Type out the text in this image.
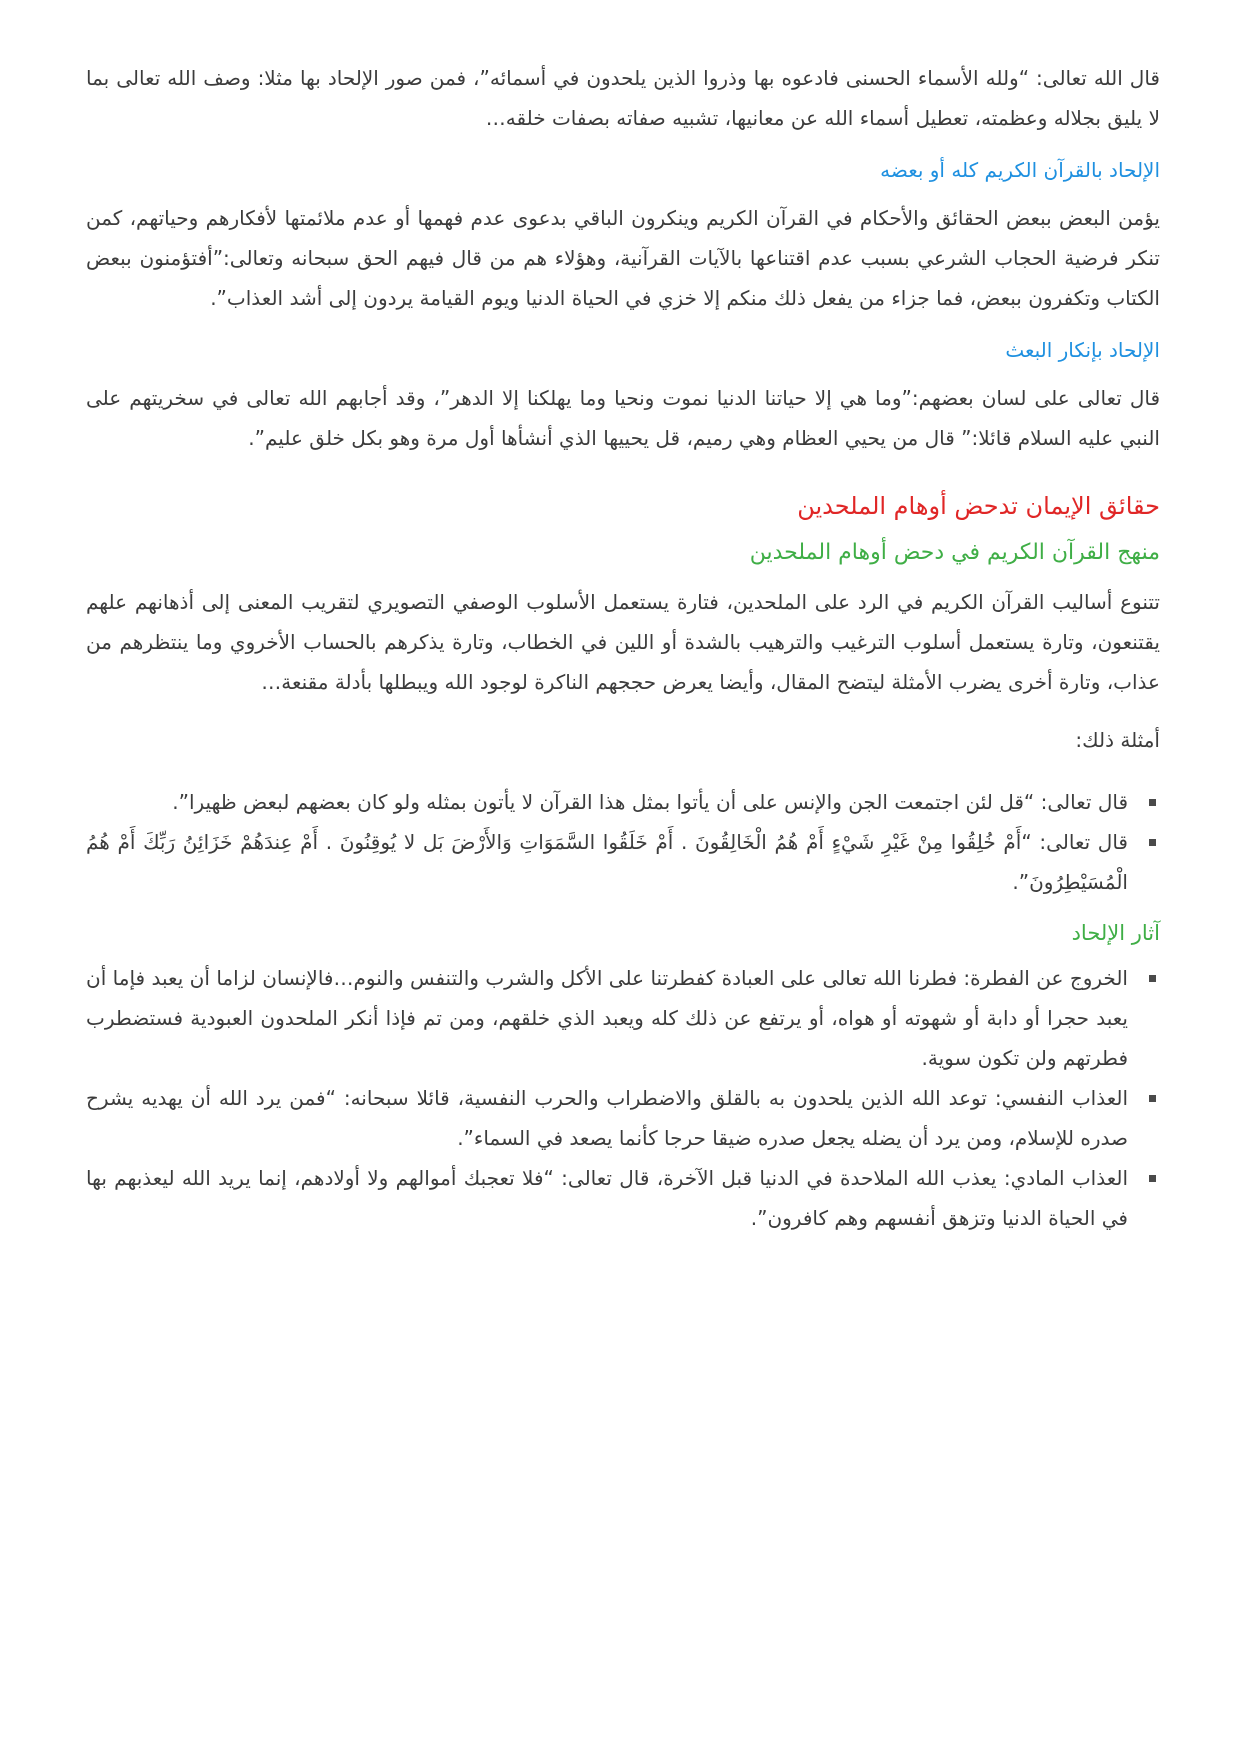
قال الله تعالى: “ولله الأسماء الحسنى فادعوه بها وذروا الذين يلحدون في أسمائه”، فمن صور الإلحاد بها مثلا: وصف الله تعالى بما لا يليق بجلاله وعظمته، تعطيل أسماء الله عن معانيها، تشبيه صفاته بصفات خلقه…

الإلحاد بالقرآن الكريم كله أو بعضه

يؤمن البعض ببعض الحقائق والأحكام في القرآن الكريم وينكرون الباقي بدعوى عدم فهمها أو عدم ملائمتها لأفكارهم وحياتهم، كمن تنكر فرضية الحجاب الشرعي بسبب عدم اقتناعها بالآيات القرآنية، وهؤلاء هم من قال فيهم الحق سبحانه وتعالى:”أفتؤمنون ببعض الكتاب وتكفرون ببعض، فما جزاء من يفعل ذلك منكم إلا خزي في الحياة الدنيا ويوم القيامة يردون إلى أشد العذاب”.

الإلحاد بإنكار البعث

قال تعالى على لسان بعضهم:”وما هي إلا حياتنا الدنيا نموت ونحيا وما يهلكنا إلا الدهر”، وقد أجابهم الله تعالى في سخريتهم على النبي عليه السلام قائلا:” قال من يحيي العظام وهي رميم، قل يحييها الذي أنشأها أول مرة وهو بكل خلق عليم”.

حقائق الإيمان تدحض أوهام الملحدين
منهج القرآن الكريم في دحض أوهام الملحدين

تتنوع أساليب القرآن الكريم في الرد على الملحدين، فتارة يستعمل الأسلوب الوصفي التصويري لتقريب المعنى إلى أذهانهم علهم يقتنعون، وتارة يستعمل أسلوب الترغيب والترهيب بالشدة أو اللين في الخطاب، وتارة يذكرهم بالحساب الأخروي وما ينتظرهم من عذاب، وتارة أخرى يضرب الأمثلة ليتضح المقال، وأيضا يعرض حججهم الناكرة لوجود الله ويبطلها بأدلة مقنعة…

أمثلة ذلك:

قال تعالى: “قل لئن اجتمعت الجن والإنس على أن يأتوا بمثل هذا القرآن لا يأتون بمثله ولو كان بعضهم لبعض ظهيرا”.
قال تعالى: “أَمْ خُلِقُوا مِنْ غَيْرِ شَيْءٍ أَمْ هُمُ الْخَالِقُونَ . أَمْ خَلَقُوا السَّمَوَاتِ وَالأَرْضَ بَل لا يُوقِنُونَ . أَمْ عِندَهُمْ خَزَائِنُ رَبِّكَ أَمْ هُمُ الْمُسَيْطِرُونَ”.
آثار الإلحاد
الخروج عن الفطرة: فطرنا الله تعالى على العبادة كفطرتنا على الأكل والشرب والتنفس والنوم…فالإنسان لزاما أن يعبد فإما أن يعبد حجرا أو دابة أو شهوته أو هواه، أو يرتفع عن ذلك كله ويعبد الذي خلقهم، ومن تم فإذا أنكر الملحدون العبودية فستضطرب فطرتهم ولن تكون سوية.
العذاب النفسي: توعد الله الذين يلحدون به بالقلق والاضطراب والحرب النفسية، قائلا سبحانه: “فمن يرد الله أن يهديه يشرح صدره للإسلام، ومن يرد أن يضله يجعل صدره ضيقا حرجا كأنما يصعد في السماء”.
العذاب المادي: يعذب الله الملاحدة في الدنيا قبل الآخرة، قال تعالى: “فلا تعجبك أموالهم ولا أولادهم، إنما يريد الله ليعذبهم بها في الحياة الدنيا وتزهق أنفسهم وهم كافرون”.
